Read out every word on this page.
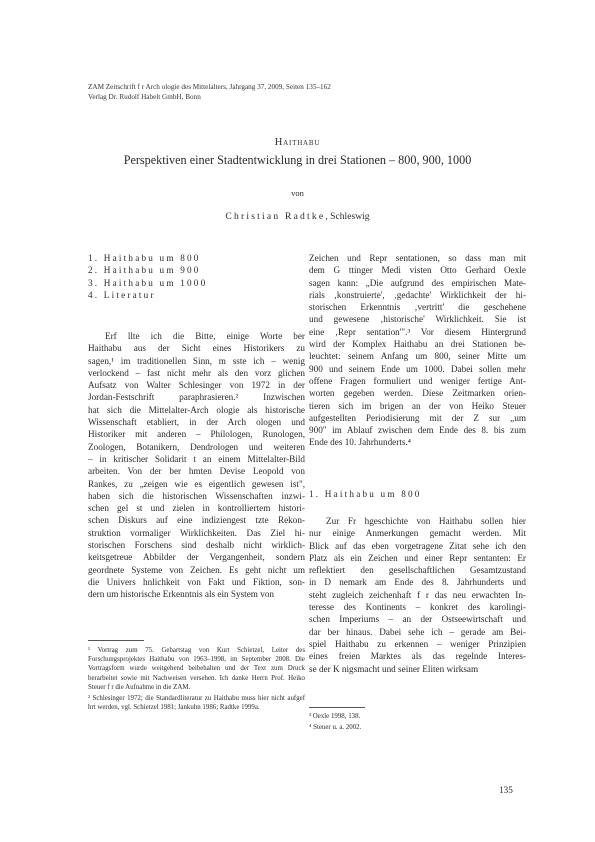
ZAM Zeitschrift f r Arch ologie des Mittelalters, Jahrgang 37, 2009, Seiten 135–162
Verlag Dr. Rudolf Habelt GmbH, Bonn
Haithabu
Perspektiven einer Stadtentwicklung in drei Stationen – 800, 900, 1000
von
Christian Radtke, Schleswig
1. Haithabu um 800
2. Haithabu um 900
3. Haithabu um 1000
4. Literatur
Erf llte ich die Bitte, einige Worte ber
Haithabu aus der Sicht eines Historikers zu
sagen,¹ im traditionellen Sinn, m sste ich – wenig
verlockend – fast nicht mehr als den vorz glichen
Aufsatz von Walter Schlesinger von 1972 in der
Jordan-Festschrift paraphrasieren.² Inzwischen
hat sich die Mittelalter-Arch ologie als historische
Wissenschaft etabliert, in der Arch ologen und
Historiker mit anderen – Philologen, Runologen,
Zoologen, Botanikern, Dendrologen und weiteren
– in kritischer Solidarit t an einem Mittelalter-Bild
arbeiten. Von der ber hmten Devise Leopold von
Rankes, zu „zeigen wie es eigentlich gewesen ist",
haben sich die historischen Wissenschaften inzwi-
schen gel st und zielen in kontrolliertem histori-
schen Diskurs auf eine indiziengest tzte Rekon-
struktion vormaliger Wirklichkeiten. Das Ziel hi-
storischen Forschens sind deshalb nicht wirklich-
keitsgetreue Abbilder der Vergangenheit, sondern
geordnete Systeme von Zeichen. Es geht nicht um
die Univers hnlichkeit von Fakt und Fiktion, son-
dern um historische Erkenntnis als ein System von
Zeichen und Repr sentationen, so dass man mit
dem G ttinger Medi visten Otto Gerhard Oexle
sagen kann: „Die aufgrund des empirischen Mate-
rials ‚konstruierte', ‚gedachte' Wirklichkeit der hi-
storischen Erkenntnis ‚vertritt' die geschehene
und gewesene ‚historische' Wirklichkeit. Sie ist
eine ‚Repr sentation'".³ Vor diesem Hintergrund
wird der Komplex Haithabu an drei Stationen be-
leuchtet: seinem Anfang um 800, seiner Mitte um
900 und seinem Ende um 1000. Dabei sollen mehr
offene Fragen formuliert und weniger fertige Ant-
worten gegeben werden. Diese Zeitmarken orien-
tieren sich im brigen an der von Heiko Steuer
aufgestellten Periodisierung mit der Z sur „um
900" im Ablauf zwischen dem Ende des 8. bis zum
Ende des 10. Jahrhunderts.⁴
1. Haithabu um 800
Zur Fr hgeschichte von Haithabu sollen hier
nur einige Anmerkungen gemacht werden. Mit
Blick auf das eben vorgetragene Zitat sehe ich den
Platz als ein Zeichen und einer Repr sentanten: Er
reflektiert den gesellschaftlichen Gesamtzustand
in D nemark am Ende des 8. Jahrhunderts und
steht zugleich zeichenhaft f r das neu erwachten In-
teresse des Kontinents – konkret des karolingi-
schen Imperiums – an der Ostseewirtschaft und
dar ber hinaus. Dabei sehe ich – gerade am Bei-
spiel Haithabu zu erkennen – weniger Prinzipien
eines freien Marktes als das regelnde Interes-
se der K nigsmacht und seiner Eliten wirksam

¹ Vortrag zum 75. Gebartstag von Kurt Schietzel, Leiter des Forschungsprojektes Haithabu von 1963–1998, im September 2008. Die Vortragsform wurde weitgehend beibehalten und der Text zum Druck berarbeitet sowie mit Nachweisen versehen. Ich danke Herrn Prof. Heiko Steuer f r die Aufnahme in die ZAM.

² Schlesinger 1972; die Standardliteratur zu Haithabu muss hier nicht aufgef hrt werden, vgl. Schietzel 1981; Jankuhn 1986; Radtke 1999a.

³ Oexle 1998, 138.

⁴ Steuer u. a. 2002.

135
